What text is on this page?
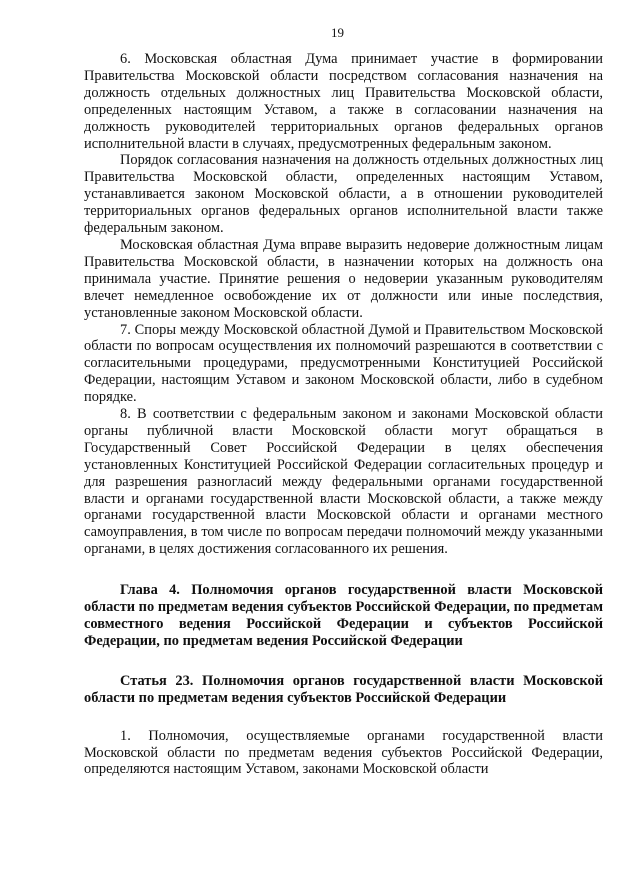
19

6. Московская областная Дума принимает участие в формировании Правительства Московской области посредством согласования назначения на должность отдельных должностных лиц Правительства Московской области, определенных настоящим Уставом, а также в согласовании назначения на должность руководителей территориальных органов федеральных органов исполнительной власти в случаях, предусмотренных федеральным законом.

Порядок согласования назначения на должность отдельных должностных лиц Правительства Московской области, определенных настоящим Уставом, устанавливается законом Московской области, а в отношении руководителей территориальных органов федеральных органов исполнительной власти также федеральным законом.

Московская областная Дума вправе выразить недоверие должностным лицам Правительства Московской области, в назначении которых на должность она принимала участие. Принятие решения о недоверии указанным руководителям влечет немедленное освобождение их от должности или иные последствия, установленные законом Московской области.

7. Споры между Московской областной Думой и Правительством Московской области по вопросам осуществления их полномочий разрешаются в соответствии с согласительными процедурами, предусмотренными Конституцией Российской Федерации, настоящим Уставом и законом Московской области, либо в судебном порядке.

8. В соответствии с федеральным законом и законами Московской области органы публичной власти Московской области могут обращаться в Государственный Совет Российской Федерации в целях обеспечения установленных Конституцией Российской Федерации согласительных процедур и для разрешения разногласий между федеральными органами государственной власти и органами государственной власти Московской области, а также между органами государственной власти Московской области и органами местного самоуправления, в том числе по вопросам передачи полномочий между указанными органами, в целях достижения согласованного их решения.

Глава 4. Полномочия органов государственной власти Московской области по предметам ведения субъектов Российской Федерации, по предметам совместного ведения Российской Федерации и субъектов Российской Федерации, по предметам ведения Российской Федерации

Статья 23. Полномочия органов государственной власти Московской области по предметам ведения субъектов Российской Федерации

1. Полномочия, осуществляемые органами государственной власти Московской области по предметам ведения субъектов Российской Федерации, определяются настоящим Уставом, законами Московской области
